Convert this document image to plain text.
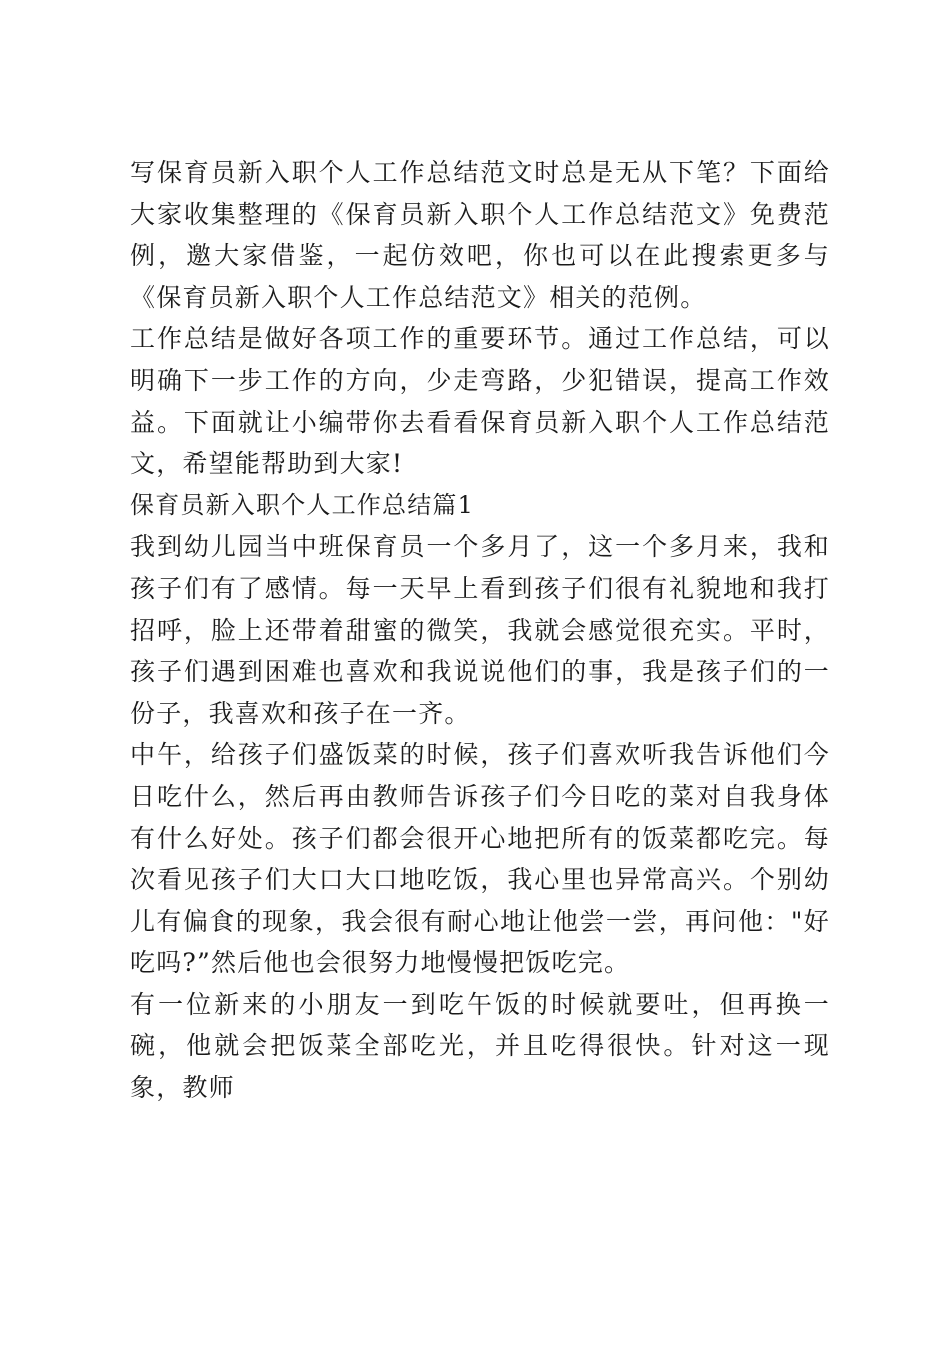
写保育员新入职个人工作总结范文时总是无从下笔？下面给大家收集整理的《保育员新入职个人工作总结范文》免费范例，邀大家借鉴，一起仿效吧，你也可以在此搜索更多与《保育员新入职个人工作总结范文》相关的范例。

工作总结是做好各项工作的重要环节。通过工作总结，可以明确下一步工作的方向，少走弯路，少犯错误，提高工作效益。下面就让小编带你去看看保育员新入职个人工作总结范文，希望能帮助到大家!

保育员新入职个人工作总结篇1

我到幼儿园当中班保育员一个多月了，这一个多月来，我和孩子们有了感情。每一天早上看到孩子们很有礼貌地和我打招呼，脸上还带着甜蜜的微笑，我就会感觉很充实。平时，孩子们遇到困难也喜欢和我说说他们的事，我是孩子们的一份子，我喜欢和孩子在一齐。

中午，给孩子们盛饭菜的时候，孩子们喜欢听我告诉他们今日吃什么，然后再由教师告诉孩子们今日吃的菜对自我身体有什么好处。孩子们都会很开心地把所有的饭菜都吃完。每次看见孩子们大口大口地吃饭，我心里也异常高兴。个别幼儿有偏食的现象，我会很有耐心地让他尝一尝，再问他："好吃吗?”然后他也会很努力地慢慢把饭吃完。

有一位新来的小朋友一到吃午饭的时候就要吐，但再换一碗，他就会把饭菜全部吃光，并且吃得很快。针对这一现象，教师
